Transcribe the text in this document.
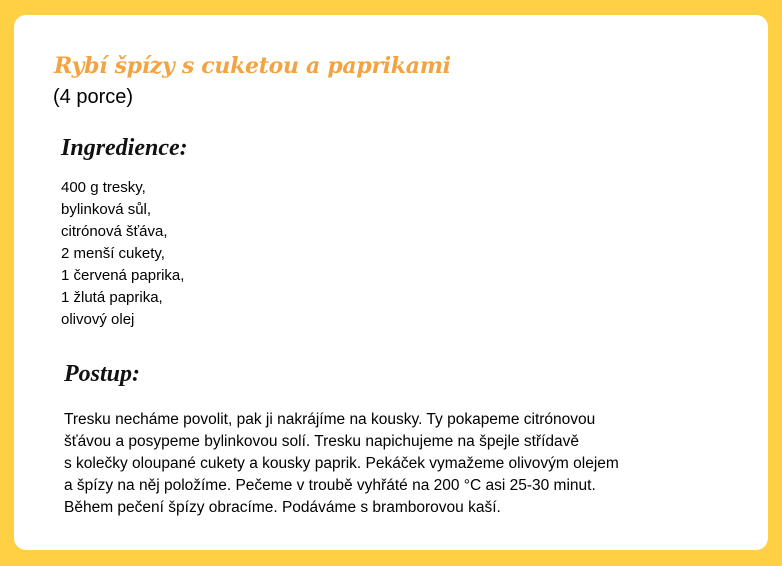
Rybí špízy s cuketou a paprikami
(4 porce)
Ingredience:
400 g tresky,
bylinková sůl,
citrónová šťáva,
2 menší cukety,
1 červená paprika,
1 žlutá paprika,
olivový olej
Postup:

Tresku necháme povolit, pak ji nakrájíme na kousky. Ty pokapeme citrónovou
šťávou a posypeme bylinkovou solí. Tresku napichujeme na špejle střídavě
s kolečky oloupané cukety a kousky paprik. Pekáček vymažeme olivovým olejem
a špízy na něj položíme. Pečeme v troubě vyhřáté na 200 °C asi 25-30 minut.
Během pečení špízy obracíme. Podáváme s bramborovou kaší.
